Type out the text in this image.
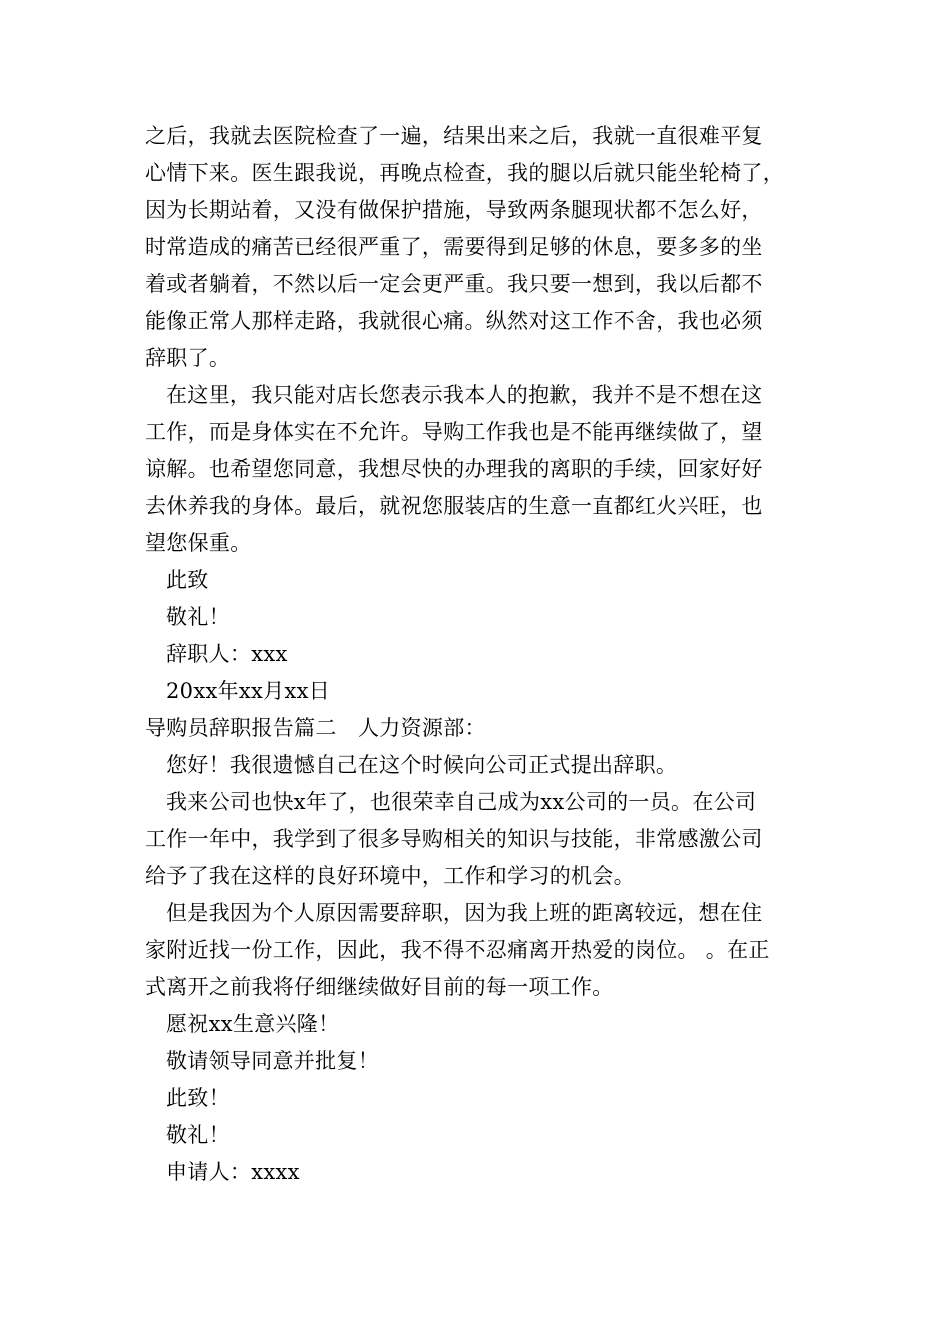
之后，我就去医院检查了一遍，结果出来之后，我就一直很难平复
心情下来。医生跟我说，再晚点检查，我的腿以后就只能坐轮椅了，
因为长期站着，又没有做保护措施，导致两条腿现状都不怎么好，
时常造成的痛苦已经很严重了，需要得到足够的休息，要多多的坐
着或者躺着，不然以后一定会更严重。我只要一想到，我以后都不
能像正常人那样走路，我就很心痛。纵然对这工作不舍，我也必须
辞职了。
在这里，我只能对店长您表示我本人的抱歉，我并不是不想在这
工作，而是身体实在不允许。导购工作我也是不能再继续做了，望
谅解。也希望您同意，我想尽快的办理我的离职的手续，回家好好
去休养我的身体。最后，就祝您服装店的生意一直都红火兴旺，也
望您保重。
此致
敬礼！
辞职人：xxx
20xx年xx月xx日
导购员辞职报告篇二　人力资源部：
您好！我很遗憾自己在这个时候向公司正式提出辞职。
我来公司也快x年了，也很荣幸自己成为xx公司的一员。在公司
工作一年中，我学到了很多导购相关的知识与技能，非常感激公司
给予了我在这样的良好环境中，工作和学习的机会。
但是我因为个人原因需要辞职，因为我上班的距离较远，想在住
家附近找一份工作，因此，我不得不忍痛离开热爱的岗位。 。在正
式离开之前我将仔细继续做好目前的每一项工作。
愿祝xx生意兴隆！
敬请领导同意并批复！
此致！
敬礼！
申请人：xxxx
